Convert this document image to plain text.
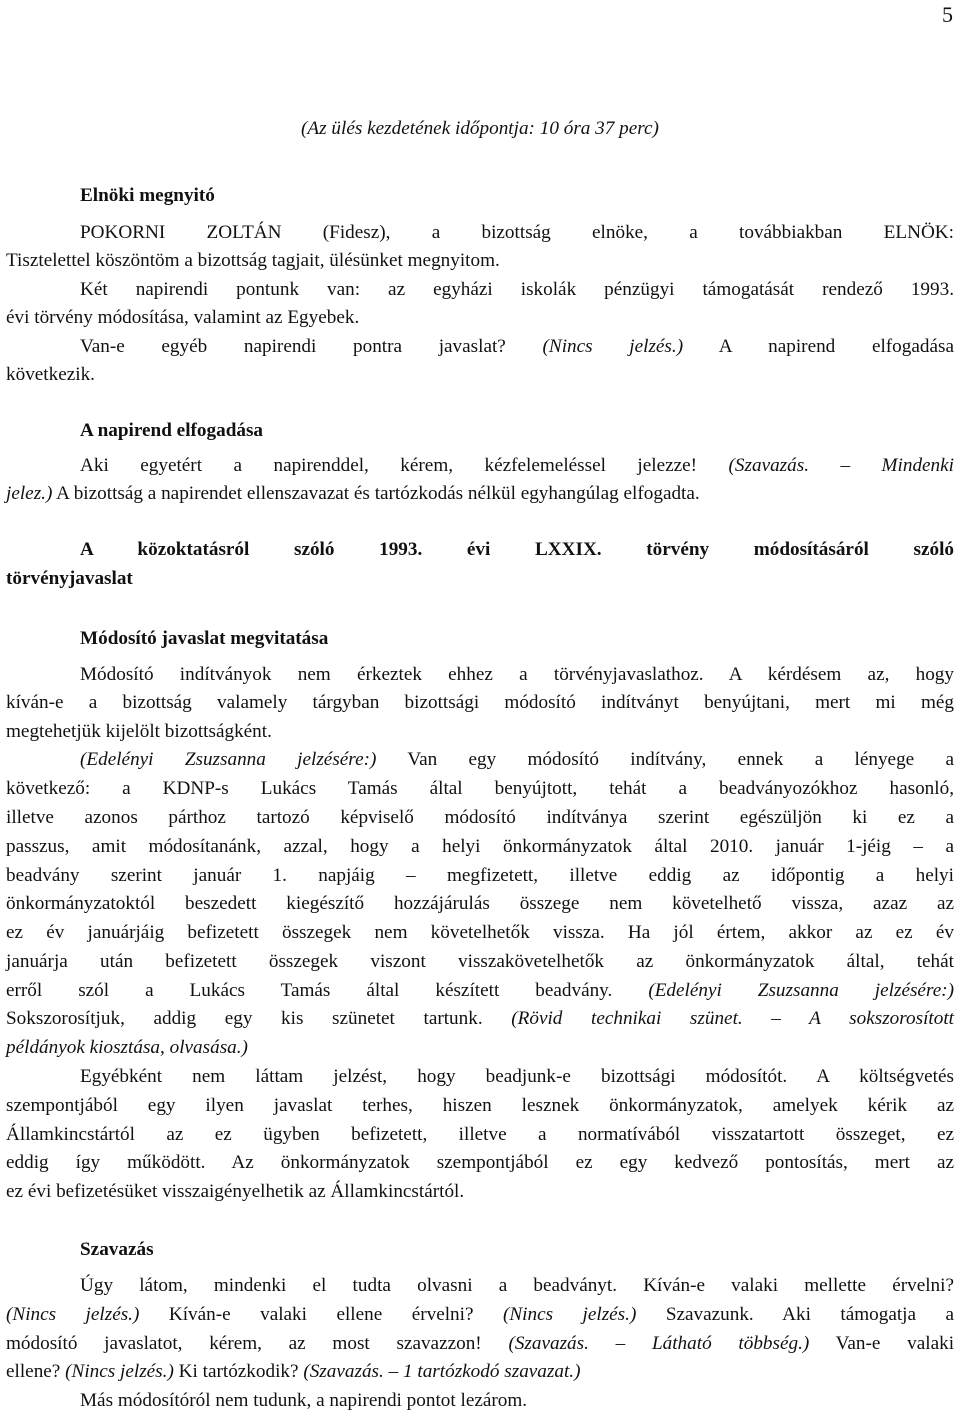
5
(Az ülés kezdetének időpontja: 10 óra 37 perc)
Elnöki megnyitó
POKORNI ZOLTÁN (Fidesz), a bizottság elnöke, a továbbiakban ELNÖK:
Tisztelettel köszöntöm a bizottság tagjait, ülésünket megnyitom.
Két napirendi pontunk van: az egyházi iskolák pénzügyi támogatását rendező 1993.
évi törvény módosítása, valamint az Egyebek.
Van-e egyéb napirendi pontra javaslat? (Nincs jelzés.) A napirend elfogadása
következik.
A napirend elfogadása
Aki egyetért a napirenddel, kérem, kézfelemeléssel jelezze! (Szavazás. – Mindenki
jelez.) A bizottság a napirendet ellenszavazat és tartózkodás nélkül egyhangúlag elfogadta.
A közoktatásról szóló 1993. évi LXXIX. törvény módosításáról szóló
törvényjavaslat
Módosító javaslat megvitatása
Módosító indítványok nem érkeztek ehhez a törvényjavaslathoz. A kérdésem az, hogy
kíván-e a bizottság valamely tárgyban bizottsági módosító indítványt benyújtani, mert mi még
megtehetjük kijelölt bizottságként.
(Edelényi Zsuzsanna jelzésére:) Van egy módosító indítvány, ennek a lényege a
következő: a KDNP-s Lukács Tamás által benyújtott, tehát a beadványozókhoz hasonló,
illetve azonos párthoz tartozó képviselő módosító indítványa szerint egészüljön ki ez a
passzus, amit módosítanánk, azzal, hogy a helyi önkormányzatok által 2010. január 1-jéig – a
beadvány szerint január 1. napjáig – megfizetett, illetve eddig az időpontig a helyi
önkormányzatoktól beszedett kiegészítő hozzájárulás összege nem követelhető vissza, azaz az
ez év januárjáig befizetett összegek nem követelhetők vissza. Ha jól értem, akkor az ez év
januárja után befizetett összegek viszont visszakövetelhetők az önkormányzatok által, tehát
erről szól a Lukács Tamás által készített beadvány. (Edelényi Zsuzsanna jelzésére:)
Sokszorosítjuk, addig egy kis szünetet tartunk. (Rövid technikai szünet. – A sokszorosított
példányok kiosztása, olvasása.)
Egyébként nem láttam jelzést, hogy beadjunk-e bizottsági módosítót. A költségvetés
szempontjából egy ilyen javaslat terhes, hiszen lesznek önkormányzatok, amelyek kérik az
Államkincstártól az ez ügyben befizetett, illetve a normatívából visszatartott összeget, ez
eddig így működött. Az önkormányzatok szempontjából ez egy kedvező pontosítás, mert az
ez évi befizetésüket visszaigényelhetik az Államkincstártól.
Szavazás
Úgy látom, mindenki el tudta olvasni a beadványt. Kíván-e valaki mellette érvelni?
(Nincs jelzés.) Kíván-e valaki ellene érvelni? (Nincs jelzés.) Szavazunk. Aki támogatja a
módosító javaslatot, kérem, az most szavazzon! (Szavazás. – Látható többség.) Van-e valaki
ellene? (Nincs jelzés.) Ki tartózkodik? (Szavazás. – 1 tartózkodó szavazat.)
Más módosítóról nem tudunk, a napirendi pontot lezárom.
